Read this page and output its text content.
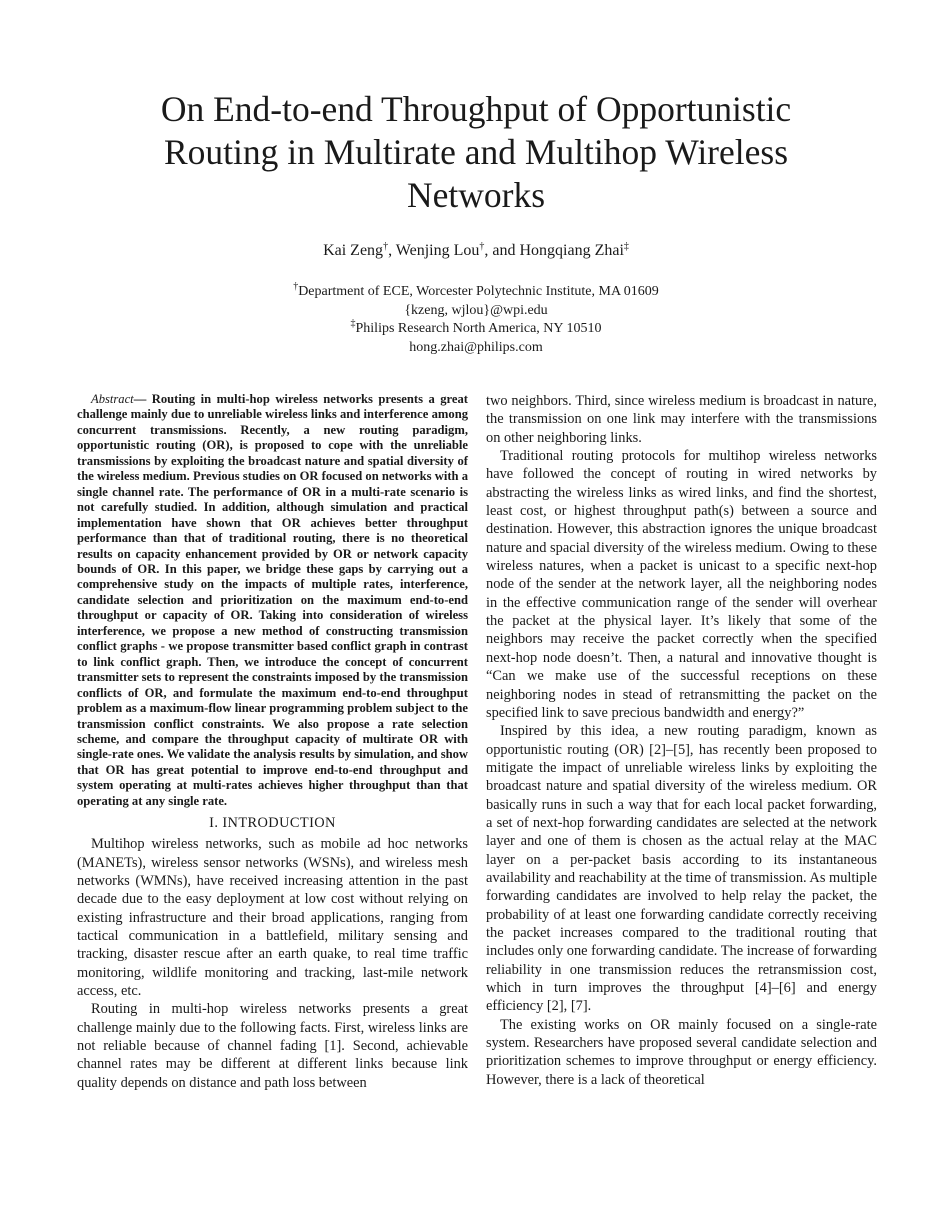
On End-to-end Throughput of Opportunistic Routing in Multirate and Multihop Wireless Networks
Kai Zeng†, Wenjing Lou†, and Hongqiang Zhai‡
†Department of ECE, Worcester Polytechnic Institute, MA 01609
{kzeng, wjlou}@wpi.edu
‡Philips Research North America, NY 10510
hong.zhai@philips.com

Abstract— Routing in multi-hop wireless networks presents a great challenge mainly due to unreliable wireless links and interference among concurrent transmissions. Recently, a new routing paradigm, opportunistic routing (OR), is proposed to cope with the unreliable transmissions by exploiting the broadcast nature and spatial diversity of the wireless medium. Previous studies on OR focused on networks with a single channel rate. The performance of OR in a multi-rate scenario is not carefully studied. In addition, although simulation and practical implementation have shown that OR achieves better throughput performance than that of traditional routing, there is no theoretical results on capacity enhancement provided by OR or network capacity bounds of OR. In this paper, we bridge these gaps by carrying out a comprehensive study on the impacts of multiple rates, interference, candidate selection and prioritization on the maximum end-to-end throughput or capacity of OR. Taking into consideration of wireless interference, we propose a new method of constructing transmission conflict graphs - we propose transmitter based conflict graph in contrast to link conflict graph. Then, we introduce the concept of concurrent transmitter sets to represent the constraints imposed by the transmission conflicts of OR, and formulate the maximum end-to-end throughput problem as a maximum-flow linear programming problem subject to the transmission conflict constraints. We also propose a rate selection scheme, and compare the throughput capacity of multirate OR with single-rate ones. We validate the analysis results by simulation, and show that OR has great potential to improve end-to-end throughput and system operating at multi-rates achieves higher throughput than that operating at any single rate.

I. INTRODUCTION

Multihop wireless networks, such as mobile ad hoc networks (MANETs), wireless sensor networks (WSNs), and wireless mesh networks (WMNs), have received increasing attention in the past decade due to the easy deployment at low cost without relying on existing infrastructure and their broad applications, ranging from tactical communication in a battlefield, military sensing and tracking, disaster rescue after an earth quake, to real time traffic monitoring, wildlife monitoring and tracking, last-mile network access, etc.

Routing in multi-hop wireless networks presents a great challenge mainly due to the following facts. First, wireless links are not reliable because of channel fading [1]. Second, achievable channel rates may be different at different links because link quality depends on distance and path loss between

two neighbors. Third, since wireless medium is broadcast in nature, the transmission on one link may interfere with the transmissions on other neighboring links.

Traditional routing protocols for multihop wireless networks have followed the concept of routing in wired networks by abstracting the wireless links as wired links, and find the shortest, least cost, or highest throughput path(s) between a source and destination. However, this abstraction ignores the unique broadcast nature and spacial diversity of the wireless medium. Owing to these wireless natures, when a packet is unicast to a specific next-hop node of the sender at the network layer, all the neighboring nodes in the effective communication range of the sender will overhear the packet at the physical layer. It’s likely that some of the neighbors may receive the packet correctly when the specified next-hop node doesn’t. Then, a natural and innovative thought is “Can we make use of the successful receptions on these neighboring nodes in stead of retransmitting the packet on the specified link to save precious bandwidth and energy?”

Inspired by this idea, a new routing paradigm, known as opportunistic routing (OR) [2]–[5], has recently been proposed to mitigate the impact of unreliable wireless links by exploiting the broadcast nature and spatial diversity of the wireless medium. OR basically runs in such a way that for each local packet forwarding, a set of next-hop forwarding candidates are selected at the network layer and one of them is chosen as the actual relay at the MAC layer on a per-packet basis according to its instantaneous availability and reachability at the time of transmission. As multiple forwarding candidates are involved to help relay the packet, the probability of at least one forwarding candidate correctly receiving the packet increases compared to the traditional routing that includes only one forwarding candidate. The increase of forwarding reliability in one transmission reduces the retransmission cost, which in turn improves the throughput [4]–[6] and energy efficiency [2], [7].

The existing works on OR mainly focused on a single-rate system. Researchers have proposed several candidate selection and prioritization schemes to improve throughput or energy efficiency. However, there is a lack of theoretical
